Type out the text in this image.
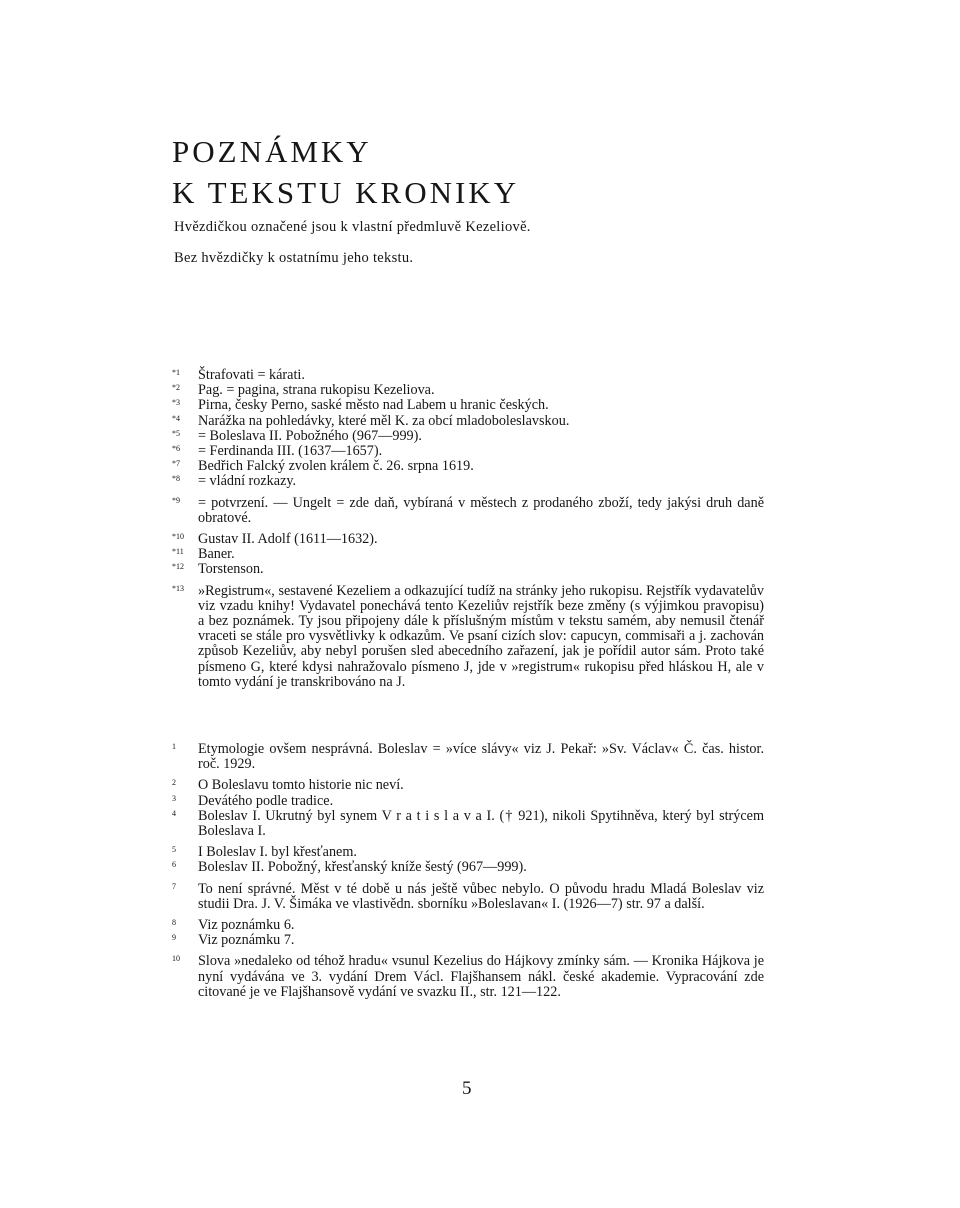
POZNÁMKY
K TEKSTU KRONIKY

Hvězdičkou označené jsou k vlastní předmluvě Kezeliově.

Bez hvězdičky k ostatnímu jeho tekstu.

*1	Štrafovati = kárati.
*2	Pag. = pagina, strana rukopisu Kezeliova.
*3	Pirna, česky Perno, saské město nad Labem u hranic českých.
*4	Narážka na pohledávky, které měl K. za obcí mladoboleslavskou.
*5	= Boleslava II. Pobožného (967—999).
*6	= Ferdinanda III. (1637—1657).
*7	Bedřich Falcký zvolen králem č. 26. srpna 1619.
*8	= vládní rozkazy.
*9	= potvrzení. — Ungelt = zde daň, vybíraná v městech z prodaného zboží, tedy jakýsi druh daně obratové.
*10 Gustav II. Adolf (1611—1632).
*11	Baner.
*12 Torstenson.
*13 »Registrum«, sestavené Kezeliem a odkazující tudíž na stránky jeho rukopisu. Rejstřík vydavatelův viz vzadu knihy! Vydavatel ponechává tento Kezeliův rejstřík beze změny (s výjimkou pravopisu) a bez poznámek. Ty jsou připojeny dále k příslušným místům v tekstu samém, aby nemusil čtenář vraceti se stále pro vysvětlivky k odkazům. Ve psaní cizích slov: capucyn, commisaři a j. zachován způsob Kezeliův, aby nebyl porušen sled abecedního zařazení, jak je pořídil autor sám. Proto také písmeno G, které kdysi nahražovalo písmeno J, jde v »registrum« rukopisu před hláskou H, ale v tomto vydání je transkribováno na J.
1	Etymologie ovšem nesprávná. Boleslav = »více slávy« viz J. Pekař: »Sv. Václav« Č. čas. histor. roč. 1929.
2	O Boleslavu tomto historie nic neví.
3	Devátého podle tradice.
4	Boleslav I. Ukrutný byl synem V r a t i s l a v a I. († 921), nikoli Spytihněva, který byl strýcem Boleslava I.
5	I Boleslav I. byl křesťanem.
6	Boleslav II. Pobožný, křesťanský kníže šestý (967—999).
7	To není správné. Měst v té době u nás ještě vůbec nebylo. O původu hradu Mladá Boleslav viz studii Dra. J. V. Šimáka ve vlastivědn. sborníku »Boleslavan« I. (1926—7) str. 97 a další.
8	Viz poznámku 6.
9	Viz poznámku 7.
10	Slova »nedaleko od téhož hradu« vsunul Kezelius do Hájkovy zmínky sám. — Kronika Hájkova je nyní vydávána ve 3. vydání Drem Václ. Flajšhansem nákl. české akademie. Vypracování zde citované je ve Flajšhansově vydání ve svazku II., str. 121—122.
5
